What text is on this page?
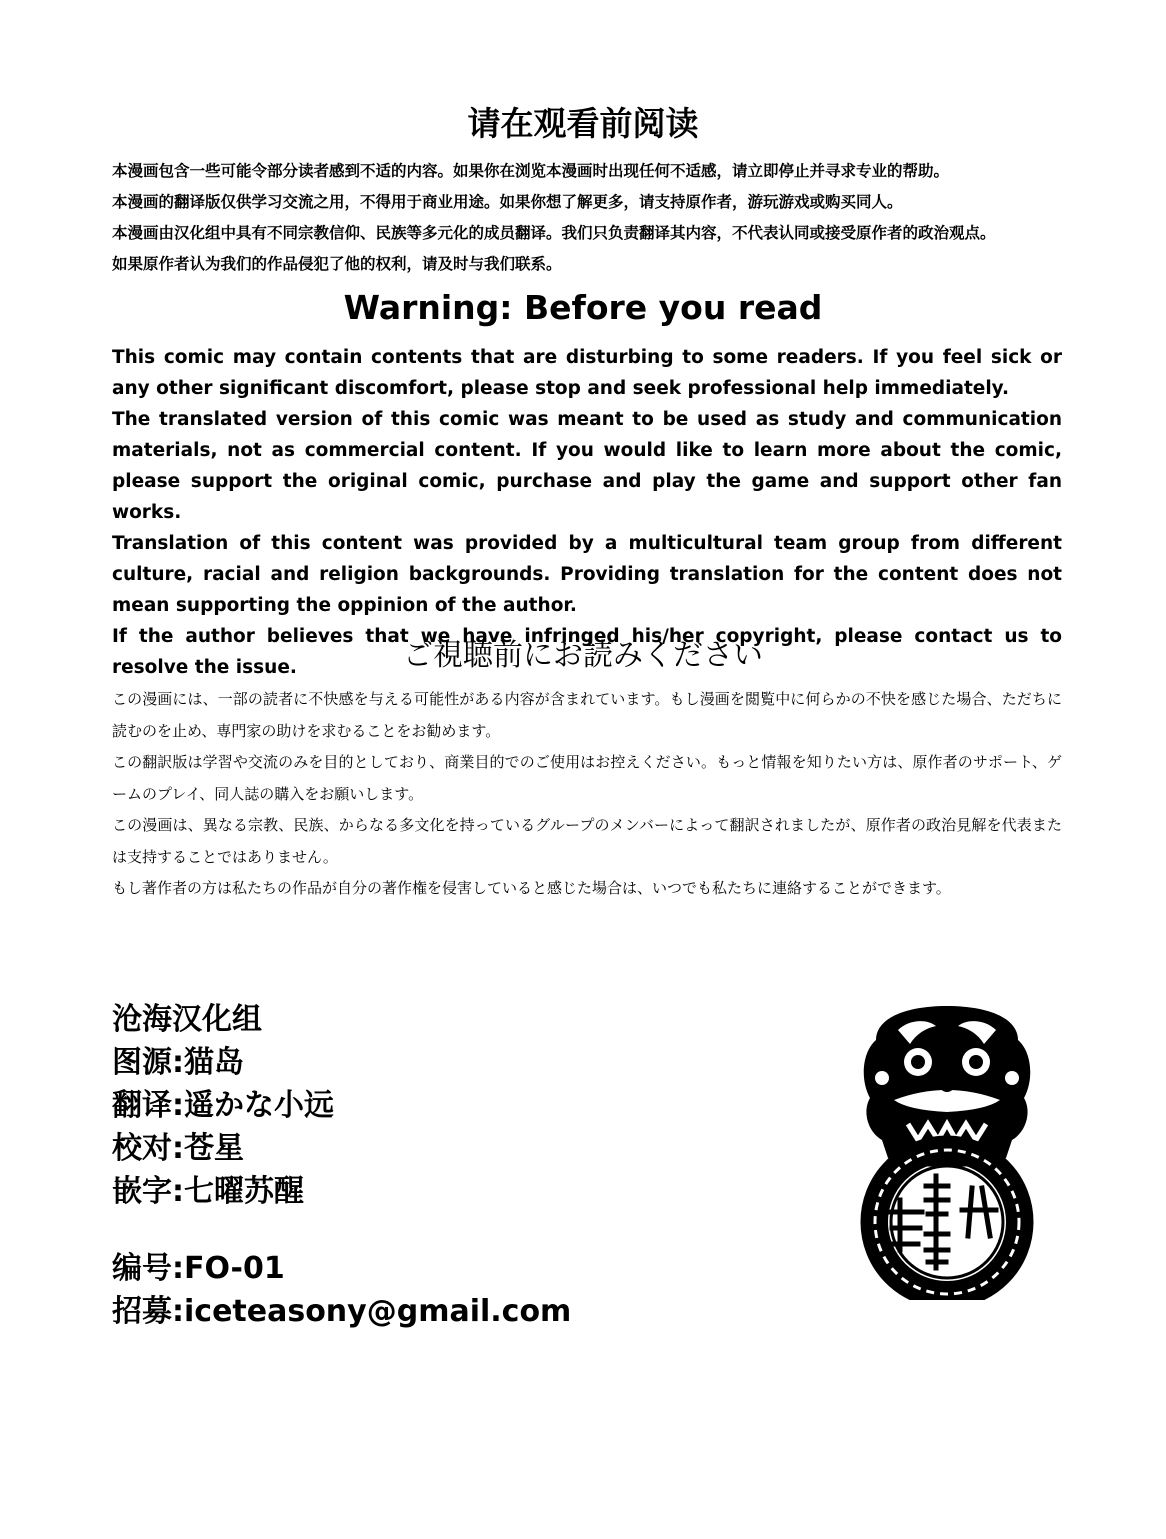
请在观看前阅读

本漫画包含一些可能令部分读者感到不适的内容。如果你在浏览本漫画时出现任何不适感，请立即停止并寻求专业的帮助。

本漫画的翻译版仅供学习交流之用，不得用于商业用途。如果你想了解更多，请支持原作者，游玩游戏或购买同人。

本漫画由汉化组中具有不同宗教信仰、民族等多元化的成员翻译。我们只负责翻译其内容，不代表认同或接受原作者的政治观点。

如果原作者认为我们的作品侵犯了他的权利，请及时与我们联系。

Warning: Before you read

This comic may contain contents that are disturbing to some readers. If you feel sick or any other significant discomfort, please stop and seek professional help immediately.

The translated version of this comic was meant to be used as study and communication materials, not as commercial content. If you would like to learn more about the comic, please support the original comic, purchase and play the game and support other fan works.

Translation of this content was provided by a multicultural team group from different culture, racial and religion backgrounds. Providing translation for the content does not mean supporting the oppinion of the author.

If the author believes that we have infringed his/her copyright, please contact us to resolve the issue.	ご視聴前にお読みください

この漫画には、一部の読者に不快感を与える可能性がある内容が含まれています。もし漫画を閲覧中に何らかの不快を感じた場合、ただちに読むのを止め、専門家の助けを求むることをお勧めます。

この翻訳版は学習や交流のみを目的としており、商業目的でのご使用はお控えください。もっと情報を知りたい方は、原作者のサポート、ゲームのプレイ、同人誌の購入をお願いします。

この漫画は、異なる宗教、民族、からなる多文化を持っているグループのメンバーによって翻訳されましたが、原作者の政治見解を代表または支持することではありません。

もし著作者の方は私たちの作品が自分の著作権を侵害していると感じた場合は、いつでも私たちに連絡することができます。

沧海汉化组
图源:猫岛
翻译:遥かな小远
校对:苍星
嵌字:七曜苏醒
编号:FO-01
招募:iceteasony@gmail.com
